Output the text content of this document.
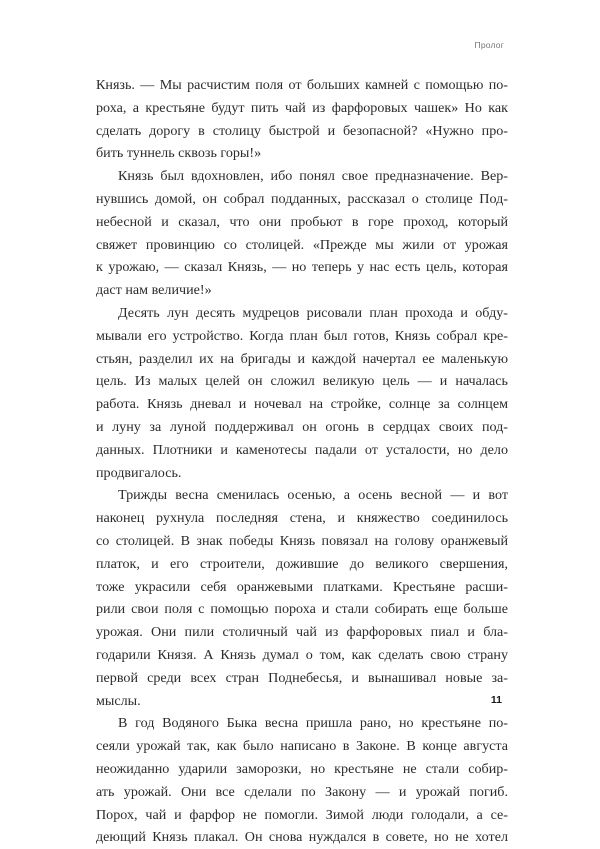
Пролог
Князь. — Мы расчистим поля от больших камней с помощью по-
роха, а крестьяне будут пить чай из фарфоровых чашек» Но как
сделать дорогу в столицу быстрой и безопасной? «Нужно про-
бить туннель сквозь горы!»
Князь был вдохновлен, ибо понял свое предназначение. Вер-
нувшись домой, он собрал подданных, рассказал о столице Под-
небесной и сказал, что они пробьют в горе проход, который
свяжет провинцию со столицей. «Прежде мы жили от урожая
к урожаю, — сказал Князь, — но теперь у нас есть цель, которая
даст нам величие!»
Десять лун десять мудрецов рисовали план прохода и обду-
мывали его устройство. Когда план был готов, Князь собрал кре-
стьян, разделил их на бригады и каждой начертал ее маленькую
цель. Из малых целей он сложил великую цель — и началась
работа. Князь дневал и ночевал на стройке, солнце за солнцем
и луну за луной поддерживал он огонь в сердцах своих под-
данных. Плотники и каменотесы падали от усталости, но дело
продвигалось.
Трижды весна сменилась осенью, а осень весной — и вот
наконец рухнула последняя стена, и княжество соединилось
со столицей. В знак победы Князь повязал на голову оранжевый
платок, и его строители, дожившие до великого свершения,
тоже украсили себя оранжевыми платками. Крестьяне расши-
рили свои поля с помощью пороха и стали собирать еще больше
урожая. Они пили столичный чай из фарфоровых пиал и бла-
годарили Князя. А Князь думал о том, как сделать свою страну
первой среди всех стран Поднебесья, и вынашивал новые за-
мыслы.
В год Водяного Быка весна пришла рано, но крестьяне по-
сеяли урожай так, как было написано в Законе. В конце августа
неожиданно ударили заморозки, но крестьяне не стали собир-
ать урожай. Они все сделали по Закону — и урожай погиб.
Порох, чай и фарфор не помогли. Зимой люди голодали, а се-
деющий Князь плакал. Он снова нуждался в совете, но не хотел
11
